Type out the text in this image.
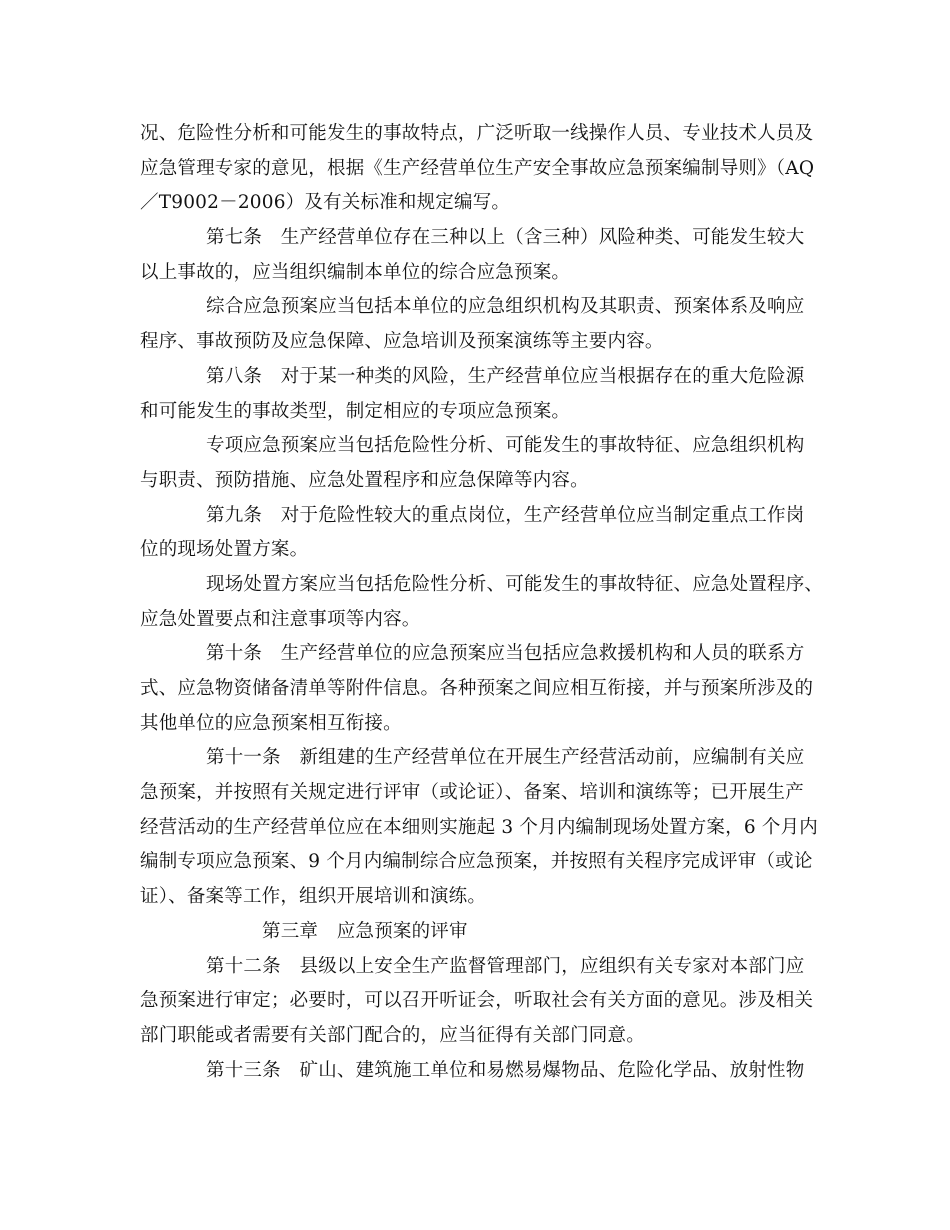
况、危险性分析和可能发生的事故特点，广泛听取一线操作人员、专业技术人员及
应急管理专家的意见，根据《生产经营单位生产安全事故应急预案编制导则》（AQ
／T9002－2006）及有关标准和规定编写。
第七条　生产经营单位存在三种以上（含三种）风险种类、可能发生较大
以上事故的，应当组织编制本单位的综合应急预案。
综合应急预案应当包括本单位的应急组织机构及其职责、预案体系及响应
程序、事故预防及应急保障、应急培训及预案演练等主要内容。
第八条　对于某一种类的风险，生产经营单位应当根据存在的重大危险源
和可能发生的事故类型，制定相应的专项应急预案。
专项应急预案应当包括危险性分析、可能发生的事故特征、应急组织机构
与职责、预防措施、应急处置程序和应急保障等内容。
第九条　对于危险性较大的重点岗位，生产经营单位应当制定重点工作岗
位的现场处置方案。
现场处置方案应当包括危险性分析、可能发生的事故特征、应急处置程序、
应急处置要点和注意事项等内容。
第十条　生产经营单位的应急预案应当包括应急救援机构和人员的联系方
式、应急物资储备清单等附件信息。各种预案之间应相互衔接，并与预案所涉及的
其他单位的应急预案相互衔接。
第十一条　新组建的生产经营单位在开展生产经营活动前，应编制有关应
急预案，并按照有关规定进行评审（或论证）、备案、培训和演练等；已开展生产
经营活动的生产经营单位应在本细则实施起 3 个月内编制现场处置方案，6 个月内
编制专项应急预案、9 个月内编制综合应急预案，并按照有关程序完成评审（或论
证）、备案等工作，组织开展培训和演练。
第三章　应急预案的评审
第十二条　县级以上安全生产监督管理部门，应组织有关专家对本部门应
急预案进行审定；必要时，可以召开听证会，听取社会有关方面的意见。涉及相关
部门职能或者需要有关部门配合的，应当征得有关部门同意。
第十三条　矿山、建筑施工单位和易燃易爆物品、危险化学品、放射性物
